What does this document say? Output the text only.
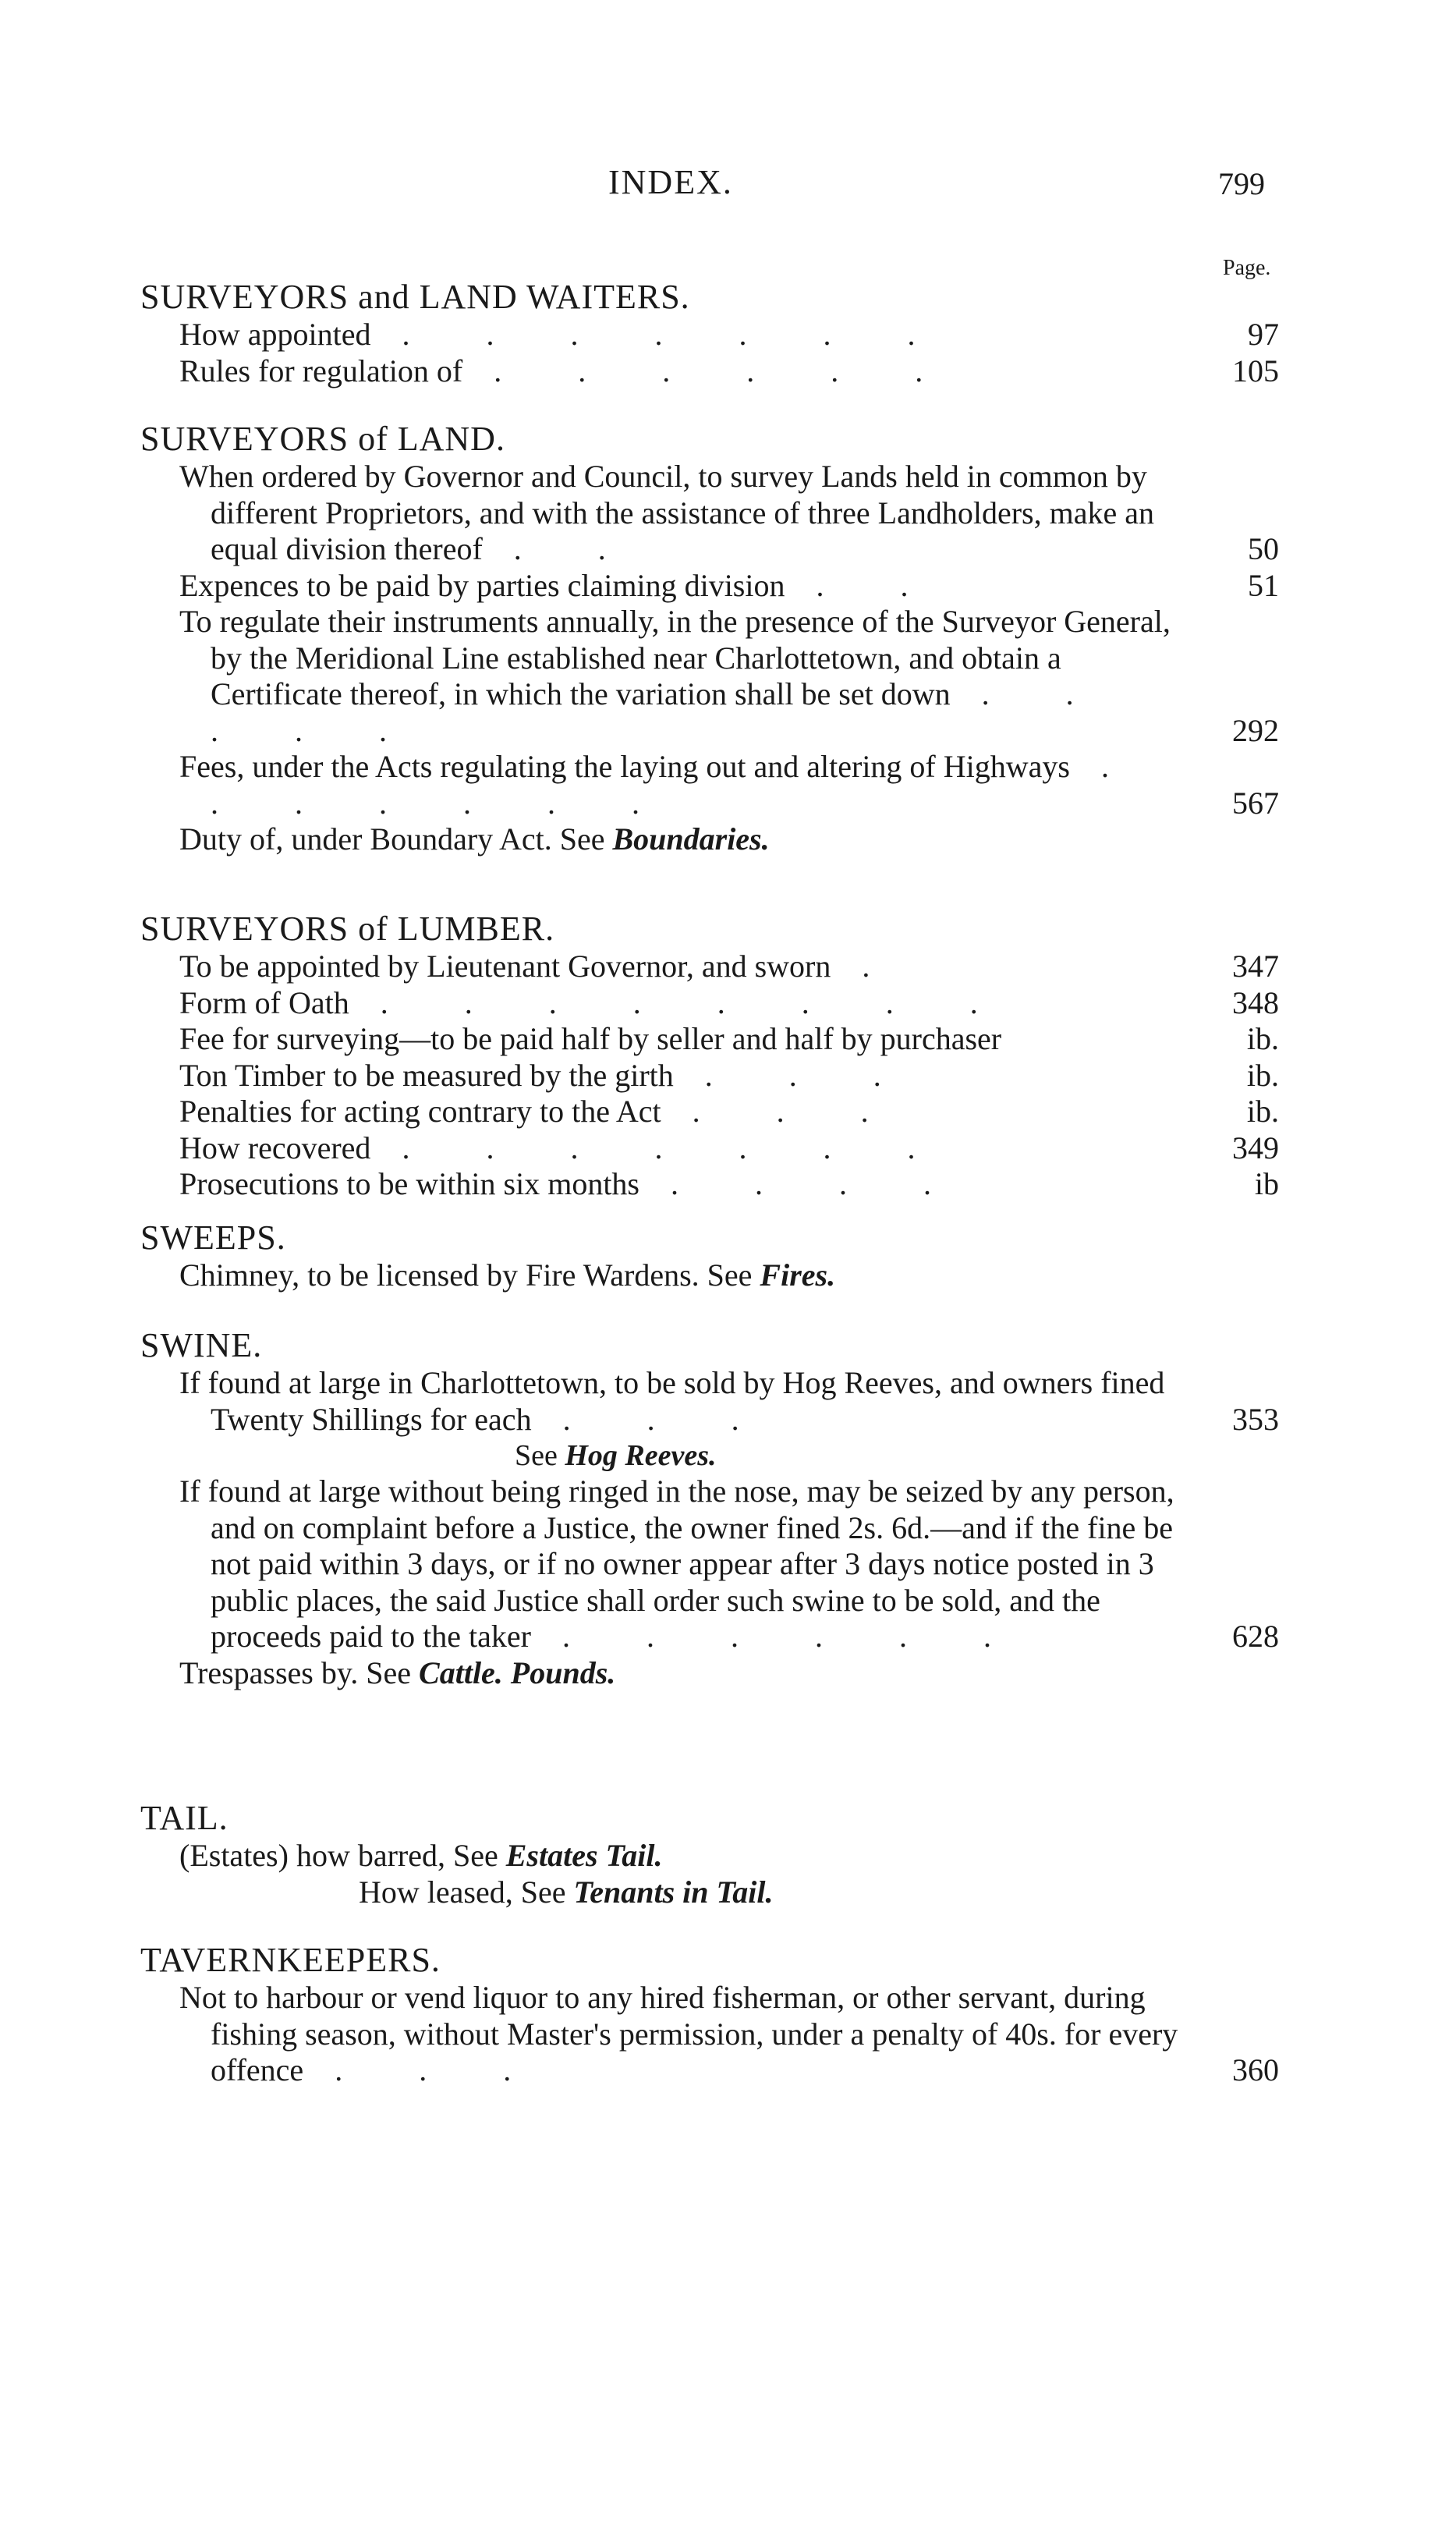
INDEX.	799
Page.
SURVEYORS and LAND WAITERS.
How appointed . . . . . . .	97
Rules for regulation of . . . . . .	105
SURVEYORS of LAND.
When ordered by Governor and Council, to survey Lands held in common by different Proprietors, and with the assistance of three Landholders, make an equal division thereof . .	50
Expences to be paid by parties claiming division . .	51
To regulate their instruments annually, in the presence of the Surveyor General, by the Meridional Line established near Charlottetown, and obtain a Certificate thereof, in which the variation shall be set down . . . . .	292
Fees, under the Acts regulating the laying out and altering of Highways . . . . . . .	567
Duty of, under Boundary Act. See Boundaries.
SURVEYORS of LUMBER.
To be appointed by Lieutenant Governor, and sworn .	347
Form of Oath . . . . . . . .	348
Fee for surveying—to be paid half by seller and half by purchaser	ib.
Ton Timber to be measured by the girth . . .	ib.
Penalties for acting contrary to the Act . . .	ib.
How recovered . . . . . . .	349
Prosecutions to be within six months . . . .	ib
SWEEPS.
Chimney, to be licensed by Fire Wardens. See Fires.
SWINE.
If found at large in Charlottetown, to be sold by Hog Reeves, and owners fined Twenty Shillings for each . . .	353
See Hog Reeves.
If found at large without being ringed in the nose, may be seized by any person, and on complaint before a Justice, the owner fined 2s. 6d.—and if the fine be not paid within 3 days, or if no owner appear after 3 days notice posted in 3 public places, the said Justice shall order such swine to be sold, and the proceeds paid to the taker . . . . . .	628
Trespasses by. See Cattle. Pounds.
TAIL.
(Estates) how barred, See Estates Tail.
How leased, See Tenants in Tail.
TAVERNKEEPERS.
Not to harbour or vend liquor to any hired fisherman, or other servant, during fishing season, without Master's permission, under a penalty of 40s. for every offence . . .	360
